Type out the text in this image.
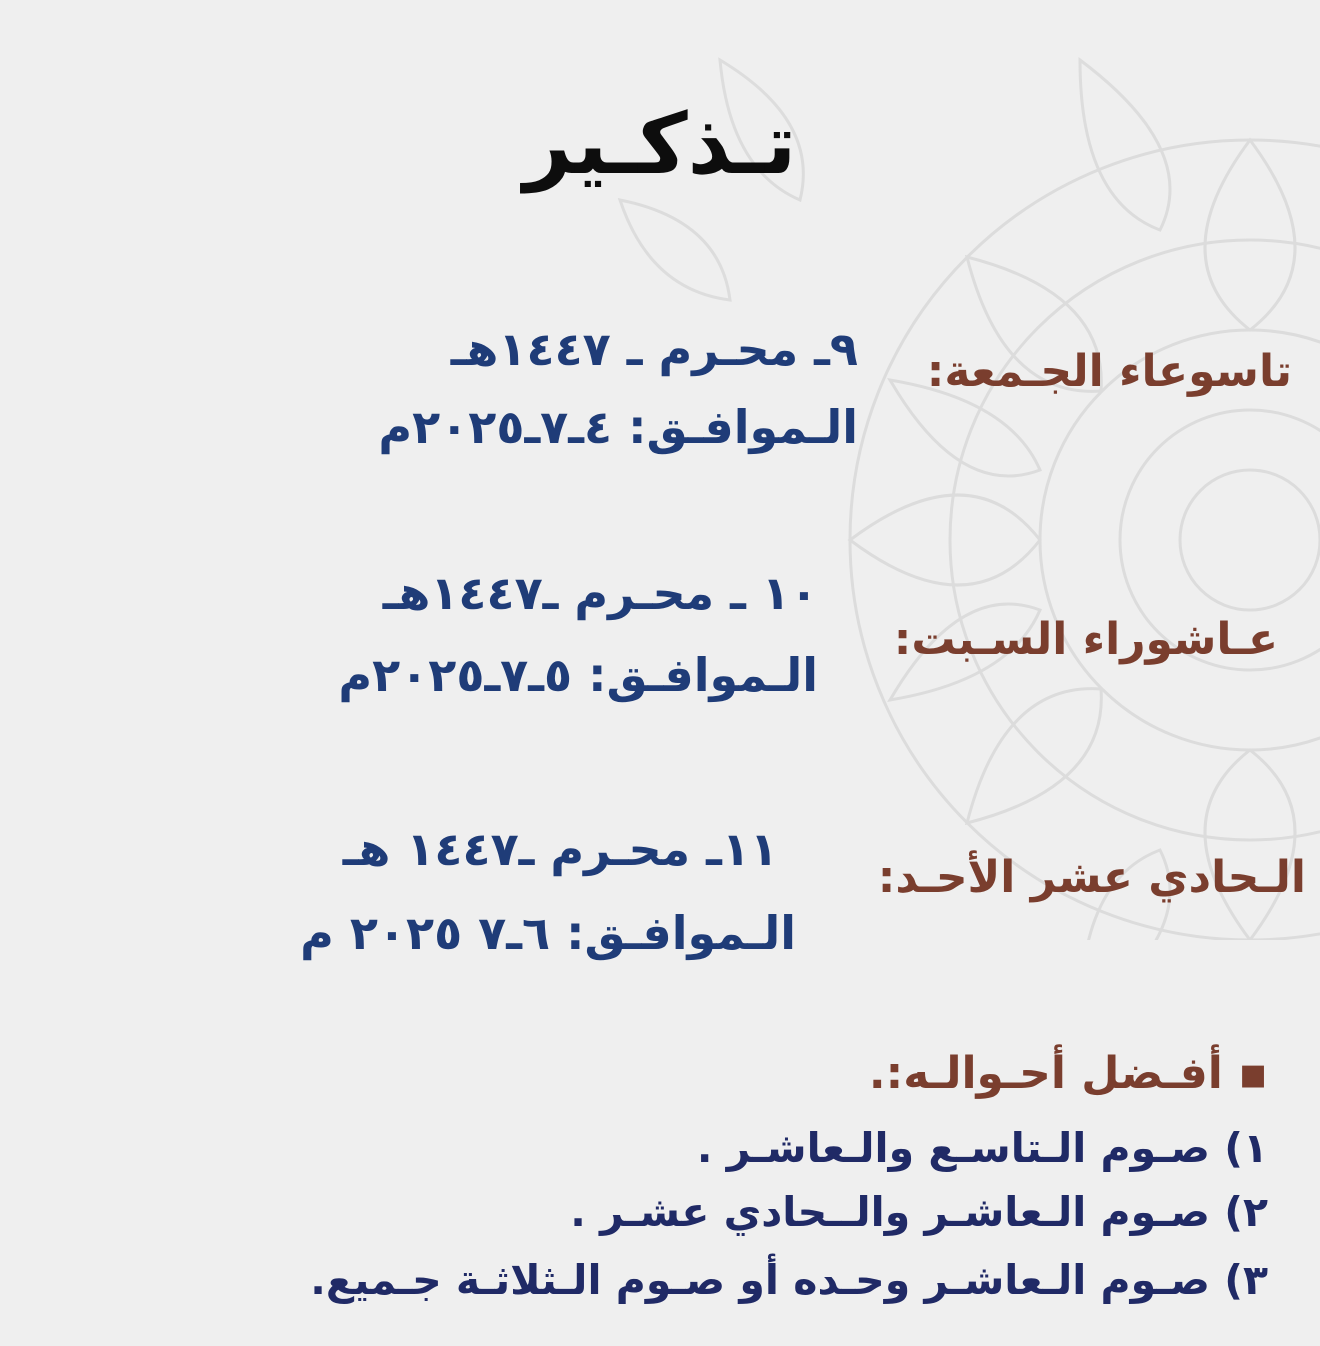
تـذكـير
تاسوعاء الجـمعة:
٩ـ محـرم ـ ١٤٤٧هـ
الـموافـق: ٤ـ٧ـ٢٠٢٥م
عـاشوراء السـبت:
١٠ ـ محـرم ـ١٤٤٧هـ
الـموافـق: ٥ـ٧ـ٢٠٢٥م
الـحادي عشر الأحـد:
١١ـ محـرم ـ١٤٤٧ هـ
الـموافـق: ٦ـ٧ ٢٠٢٥ م
▪ أفـضل أحـوالـه:.
١) صـوم الـتاسـع والـعاشـر .
٢) صـوم الـعاشـر والــحادي عشـر .
٣) صـوم الـعاشـر وحـده أو صـوم الـثلاثـة جـميع.
